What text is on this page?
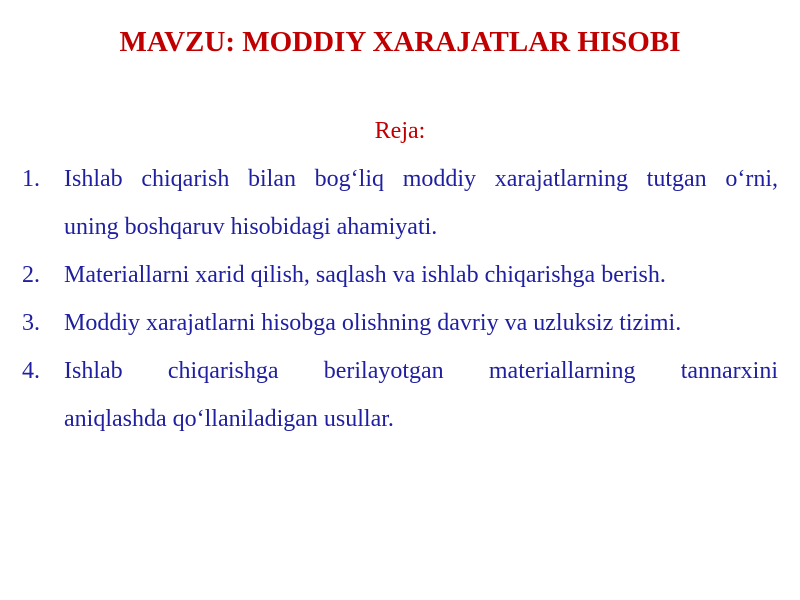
MAVZU: MODDIY XARAJATLAR HISOBI
Reja:
1.	Ishlab chiqarish bilan bog‘liq moddiy xarajatlarning tutgan o‘rni,
uning boshqaruv hisobidagi ahamiyati.
2.	Materiallarni xarid qilish, saqlash va ishlab chiqarishga berish.
3.	Moddiy xarajatlarni hisobga olishning davriy va uzluksiz tizimi.
4.	Ishlab chiqarishga berilayotgan materiallarning tannarxini
aniqlashda qo‘llaniladigan usullar.
